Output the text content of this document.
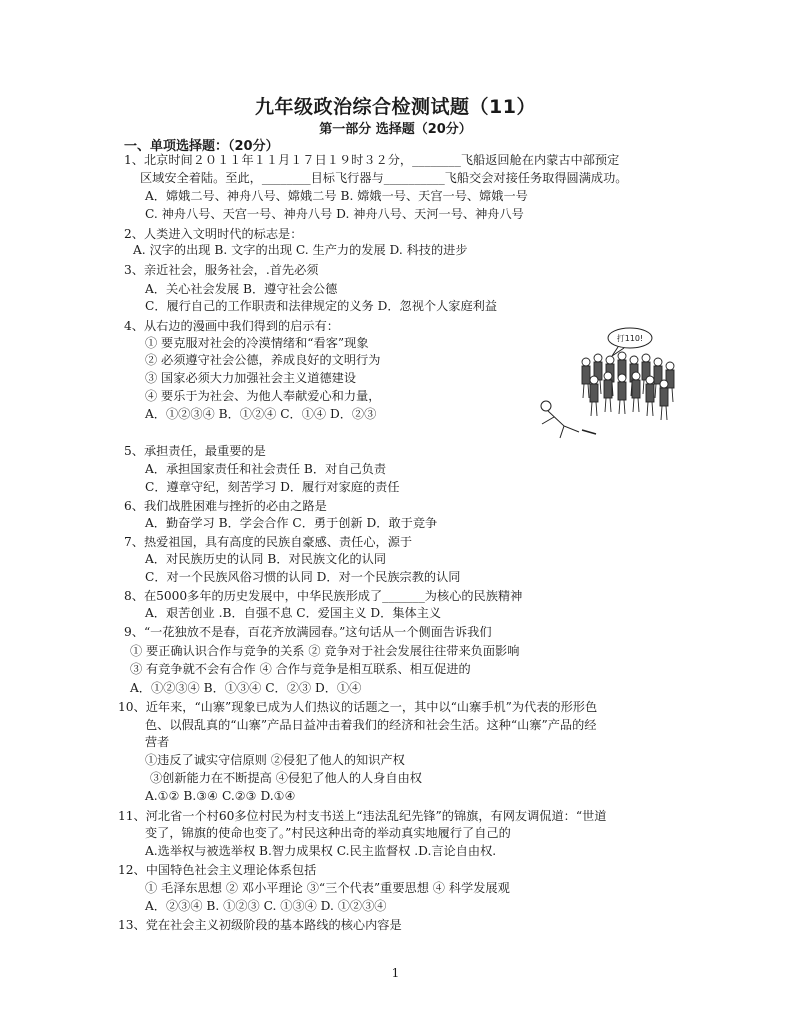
九年级政治综合检测试题（11）
第一部分 选择题（20分）
一、单项选择题：（20分）
1、北京时间２０１１年１１月１７日１９时３２分，________飞船返回舱在内蒙古中部预定
区域安全着陆。至此，________目标飞行器与__________飞船交会对接任务取得圆满成功。
A．嫦娥二号、神舟八号、嫦娥二号 B. 嫦娥一号、天宫一号、嫦娥一号
C. 神舟八号、天宫一号、神舟八号 D. 神舟八号、天河一号、神舟八号
2、人类进入文明时代的标志是：
A. 汉字的出现 B. 文字的出现 C. 生产力的发展 D. 科技的进步
3、亲近社会，服务社会，.首先必须
A．关心社会发展 B．遵守社会公德
C．履行自己的工作职责和法律规定的义务 D．忽视个人家庭利益
4、从右边的漫画中我们得到的启示有：
① 要克服对社会的冷漠情绪和“看客”现象
② 必须遵守社会公德，养成良好的文明行为
③ 国家必须大力加强社会主义道德建设
④ 要乐于为社会、为他人奉献爱心和力量，
A．①②③④ B．①②④ C．①④ D．②③
5、承担责任，最重要的是
A．承担国家责任和社会责任 B．对自己负责
C．遵章守纪，刻苦学习 D．履行对家庭的责任
6、我们战胜困难与挫折的必由之路是
A．勤奋学习 B．学会合作 C．勇于创新 D．敢于竞争
7、热爱祖国，具有高度的民族自豪感、责任心，源于
A．对民族历史的认同 B．对民族文化的认同
C．对一个民族风俗习惯的认同 D．对一个民族宗教的认同
8、在5000多年的历史发展中，中华民族形成了_______为核心的民族精神
A．艰苦创业 .B．自强不息 C．爱国主义 D．集体主义
9、“一花独放不是春，百花齐放满园春。”这句话从一个侧面告诉我们
① 要正确认识合作与竞争的关系 ② 竞争对于社会发展往往带来负面影响
③ 有竞争就不会有合作 ④ 合作与竞争是相互联系、相互促进的
A．①②③④ B．①③④ C．②③ D．①④
10、近年来，“山寨”现象已成为人们热议的话题之一，其中以“山寨手机”为代表的形形色
色、以假乱真的“山寨”产品日益冲击着我们的经济和社会生活。这种“山寨”产品的经
营者
①违反了诚实守信原则 ②侵犯了他人的知识产权
③创新能力在不断提高 ④侵犯了他人的人身自由权
A.①② B.③④ C.②③ D.①④
11、河北省一个村60多位村民为村支书送上“违法乱纪先锋”的锦旗，有网友调侃道：“世道
变了，锦旗的使命也变了。”村民这种出奇的举动真实地履行了自己的
A.选举权与被选举权 B.智力成果权 C.民主监督权 .D.言论自由权.
12、中国特色社会主义理论体系包括
① 毛泽东思想 ② 邓小平理论 ③“三个代表”重要思想 ④ 科学发展观
A．②③④ B. ①②③ C. ①③④ D. ①②③④
13、党在社会主义初级阶段的基本路线的核心内容是
打110!
1
